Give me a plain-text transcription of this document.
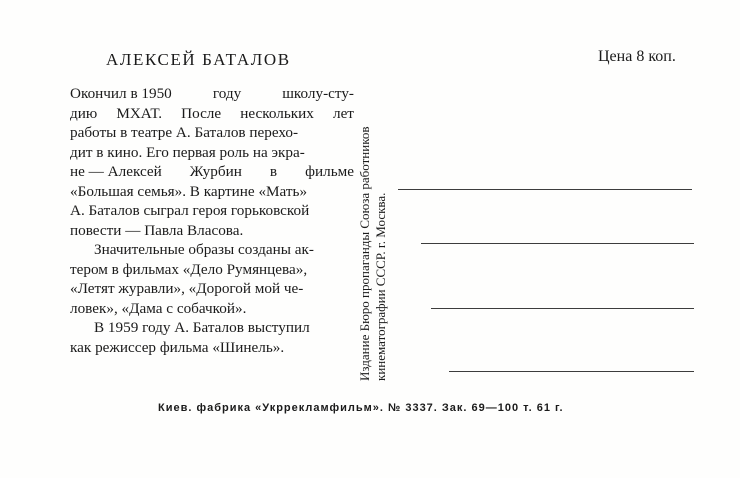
АЛЕКСЕЙ БАТАЛОВ	Цена 8 коп.
Окончил в 1950	году	школу-сту-
дию МХАТ. После нескольких лет
работы в театре А. Баталов перехо-
дит в кино. Его первая роль на экра-
не — Алексей Журбин в фильме
«Большая семья». В картине «Мать»
А. Баталов сыграл героя горьковской
повести — Павла Власова.
Значительные образы созданы ак-
тером в фильмах «Дело Румянцева»,
«Летят журавли», «Дорогой мой че-
ловек», «Дама с собачкой».
В 1959 году А. Баталов выступил
как режиссер фильма «Шинель».	Издание Бюро пропаганды Союза работников кинематографии СССР. г. Москва.
Киев. фабрика «Укррекламфильм». № 3337. Зак. 69—100 т. 61 г.
